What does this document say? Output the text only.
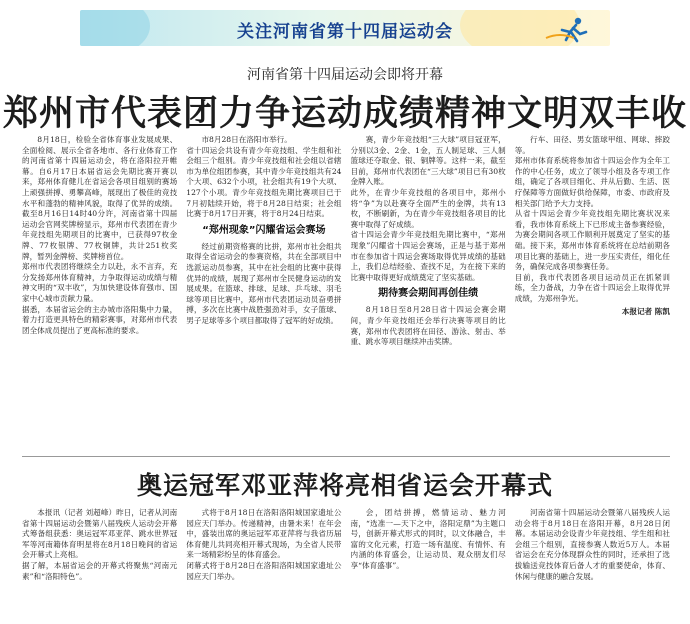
关注河南省第十四届运动会
河南省第十四届运动会即将开幕
郑州市代表团力争运动成绩精神文明双丰收

8月18日，检验全省体育事业发展成果、全面检阅、展示全省各地市、各行业体育工作的河南省第十四届运动会，将在洛阳拉开帷幕。自6月17日本届省运会先期比赛开赛以来，郑州体育健儿在省运会各项目组别的赛场上顽强拼搏、勇攀高峰，展现出了极佳的竞技水平和蓬勃的精神风貌，取得了优异的成绩。截至8月16日14时40分许，河南省第十四届运动会官网奖牌榜显示，郑州市代表团在青少年竞技组先期项目的比赛中，已获得97枚金牌、77枚银牌、77枚铜牌，共计251枚奖牌，暂列金牌榜、奖牌榜首位。
郑州市代表团将继续全力以赴，永不言弃，充分发扬郑州体育精神，力争取得运动成绩与精神文明的“双丰收”，为加快建设体育强市、国家中心城市贡献力量。
据悉，本届省运会的主办城市洛阳集中力量，着力打造更具特色的精彩赛事，对郑州市代表团全体成员提出了更高标准的要求。

市8月28日在洛阳市举行。
省十四运会共设有青少年竞技组、学生组和社会组三个组别。青少年竞技组和社会组以省辖市为单位组团参赛，其中青少年竞技组共有24个大项、632个小项，社会组共有19个大项、127个小项。青少年竞技组先期比赛项目已于7月初陆续开始，将于8月28日结束；社会组比赛于8月17日开赛，将于8月24日结束。

“郑州现象”闪耀省运会赛场

经过前期资格赛的比拼，郑州市社会组共取得全省运动会的参赛资格，共在全部项目中选派运动员参赛，其中在社会组的比赛中获得优异的成绩，展现了郑州市全民健身运动的发展成果。在篮球、排球、足球、乒乓球、羽毛球等项目比赛中，郑州市代表团运动员奋勇拼搏，多次在比赛中战胜强劲对手，女子篮球、男子足球等多个项目都取得了冠军的好成绩。

赛，青少年竞技组“三大球”项目冠亚军，分别以3金、2金、1金，五人制足球、三人制篮球还夺取金、银、铜牌等。这样一来，截至目前，郑州市代表团在“三大球”项目已有30枚金牌入账。
此外，在青少年竞技组的各项目中，郑州小将“争”为以赴赛夺全面严生的金牌，共有13枚，不断刷新，为在青少年竞技组各项目的比赛中取得了好成绩。
省十四运会青少年竞技组先期比赛中，“郑州现象”闪耀省十四运会赛场，正是与基于郑州市在参加省十四运会赛场取得优异成绩的基础上，我们总结经验、查找不足，为在接下来的比赛中取得更好成绩奠定了坚实基础。

期待赛会期间再创佳绩

8月18日至8月28日省十四运会赛会期间，青少年竞技组还会举行决赛等项目的比赛，郑州市代表团将在田径、游泳、射击、举重、跳水等项目继续冲击奖牌。

行车、田径、男女篮球甲组、网球、摔跤等。
郑州市体育系统将参加省十四运会作为全年工作的中心任务，成立了领导小组及各专项工作组，确定了各项目细化、并从后勤、生活、医疗保障等方面做好供给保障，市委、市政府及相关部门给予大力支持。
从省十四运会青少年竞技组先期比赛状况来看，我市体育系统上下已形成主备参赛经验，为赛会期间各项工作顺利开展奠定了坚实的基础。接下来，郑州市体育系统将在总结前期各项目比赛的基础上，进一步压实责任，细化任务，确保完成各项参赛任务。
目前，我市代表团各项目运动员正在抓紧训练，全力备战，力争在省十四运会上取得优异成绩，为郑州争光。

本报记者 陈凯
奥运冠军邓亚萍将亮相省运会开幕式

本报讯（记者 刘超峰）昨日，记者从河南省第十四届运动会暨第八届残疾人运动会开幕式筹备组获悉：奥运冠军邓亚萍、跳水世界冠军等河南籍体育明星将在8月18日晚间的省运会开幕式上亮相。
据了解，本届省运会的开幕式将聚焦“河南元素”和“洛阳特色”。

式将于8月18日在洛阳洛阳城国家遗址公园应天门举办。传递精神，由暑未来！在年会中，盛装出席的奥运冠军邓亚萍将与我省历届体育健儿共同亮相开幕式现场，为全省人民带来一场精彩纷呈的体育盛会。
闭幕式将于8月28日在洛阳洛阳城国家遗址公园应天门举办。

会，团结拼搏，燃情运动、魅力河南，“选准一—天下之中，洛阳定鼎”为主题口号，创新开幕式形式的同时，以文体融合，丰富的文化元素，打造一场有温度、有情怀、有内涵的体育盛会，让运动员、观众朋友们尽享“体育盛事”。

河南省第十四届运动会暨第八届残疾人运动会将于8月18日在洛阳开幕，8月28日闭幕。本届运动会设青少年竞技组、学生组和社会组三个组别，直接参赛人数近5万人。本届省运会在充分体现群众性的同时，还承担了选拔输送竞技体育后备人才的重要使命，体育、休闲与健康的融合发展。
